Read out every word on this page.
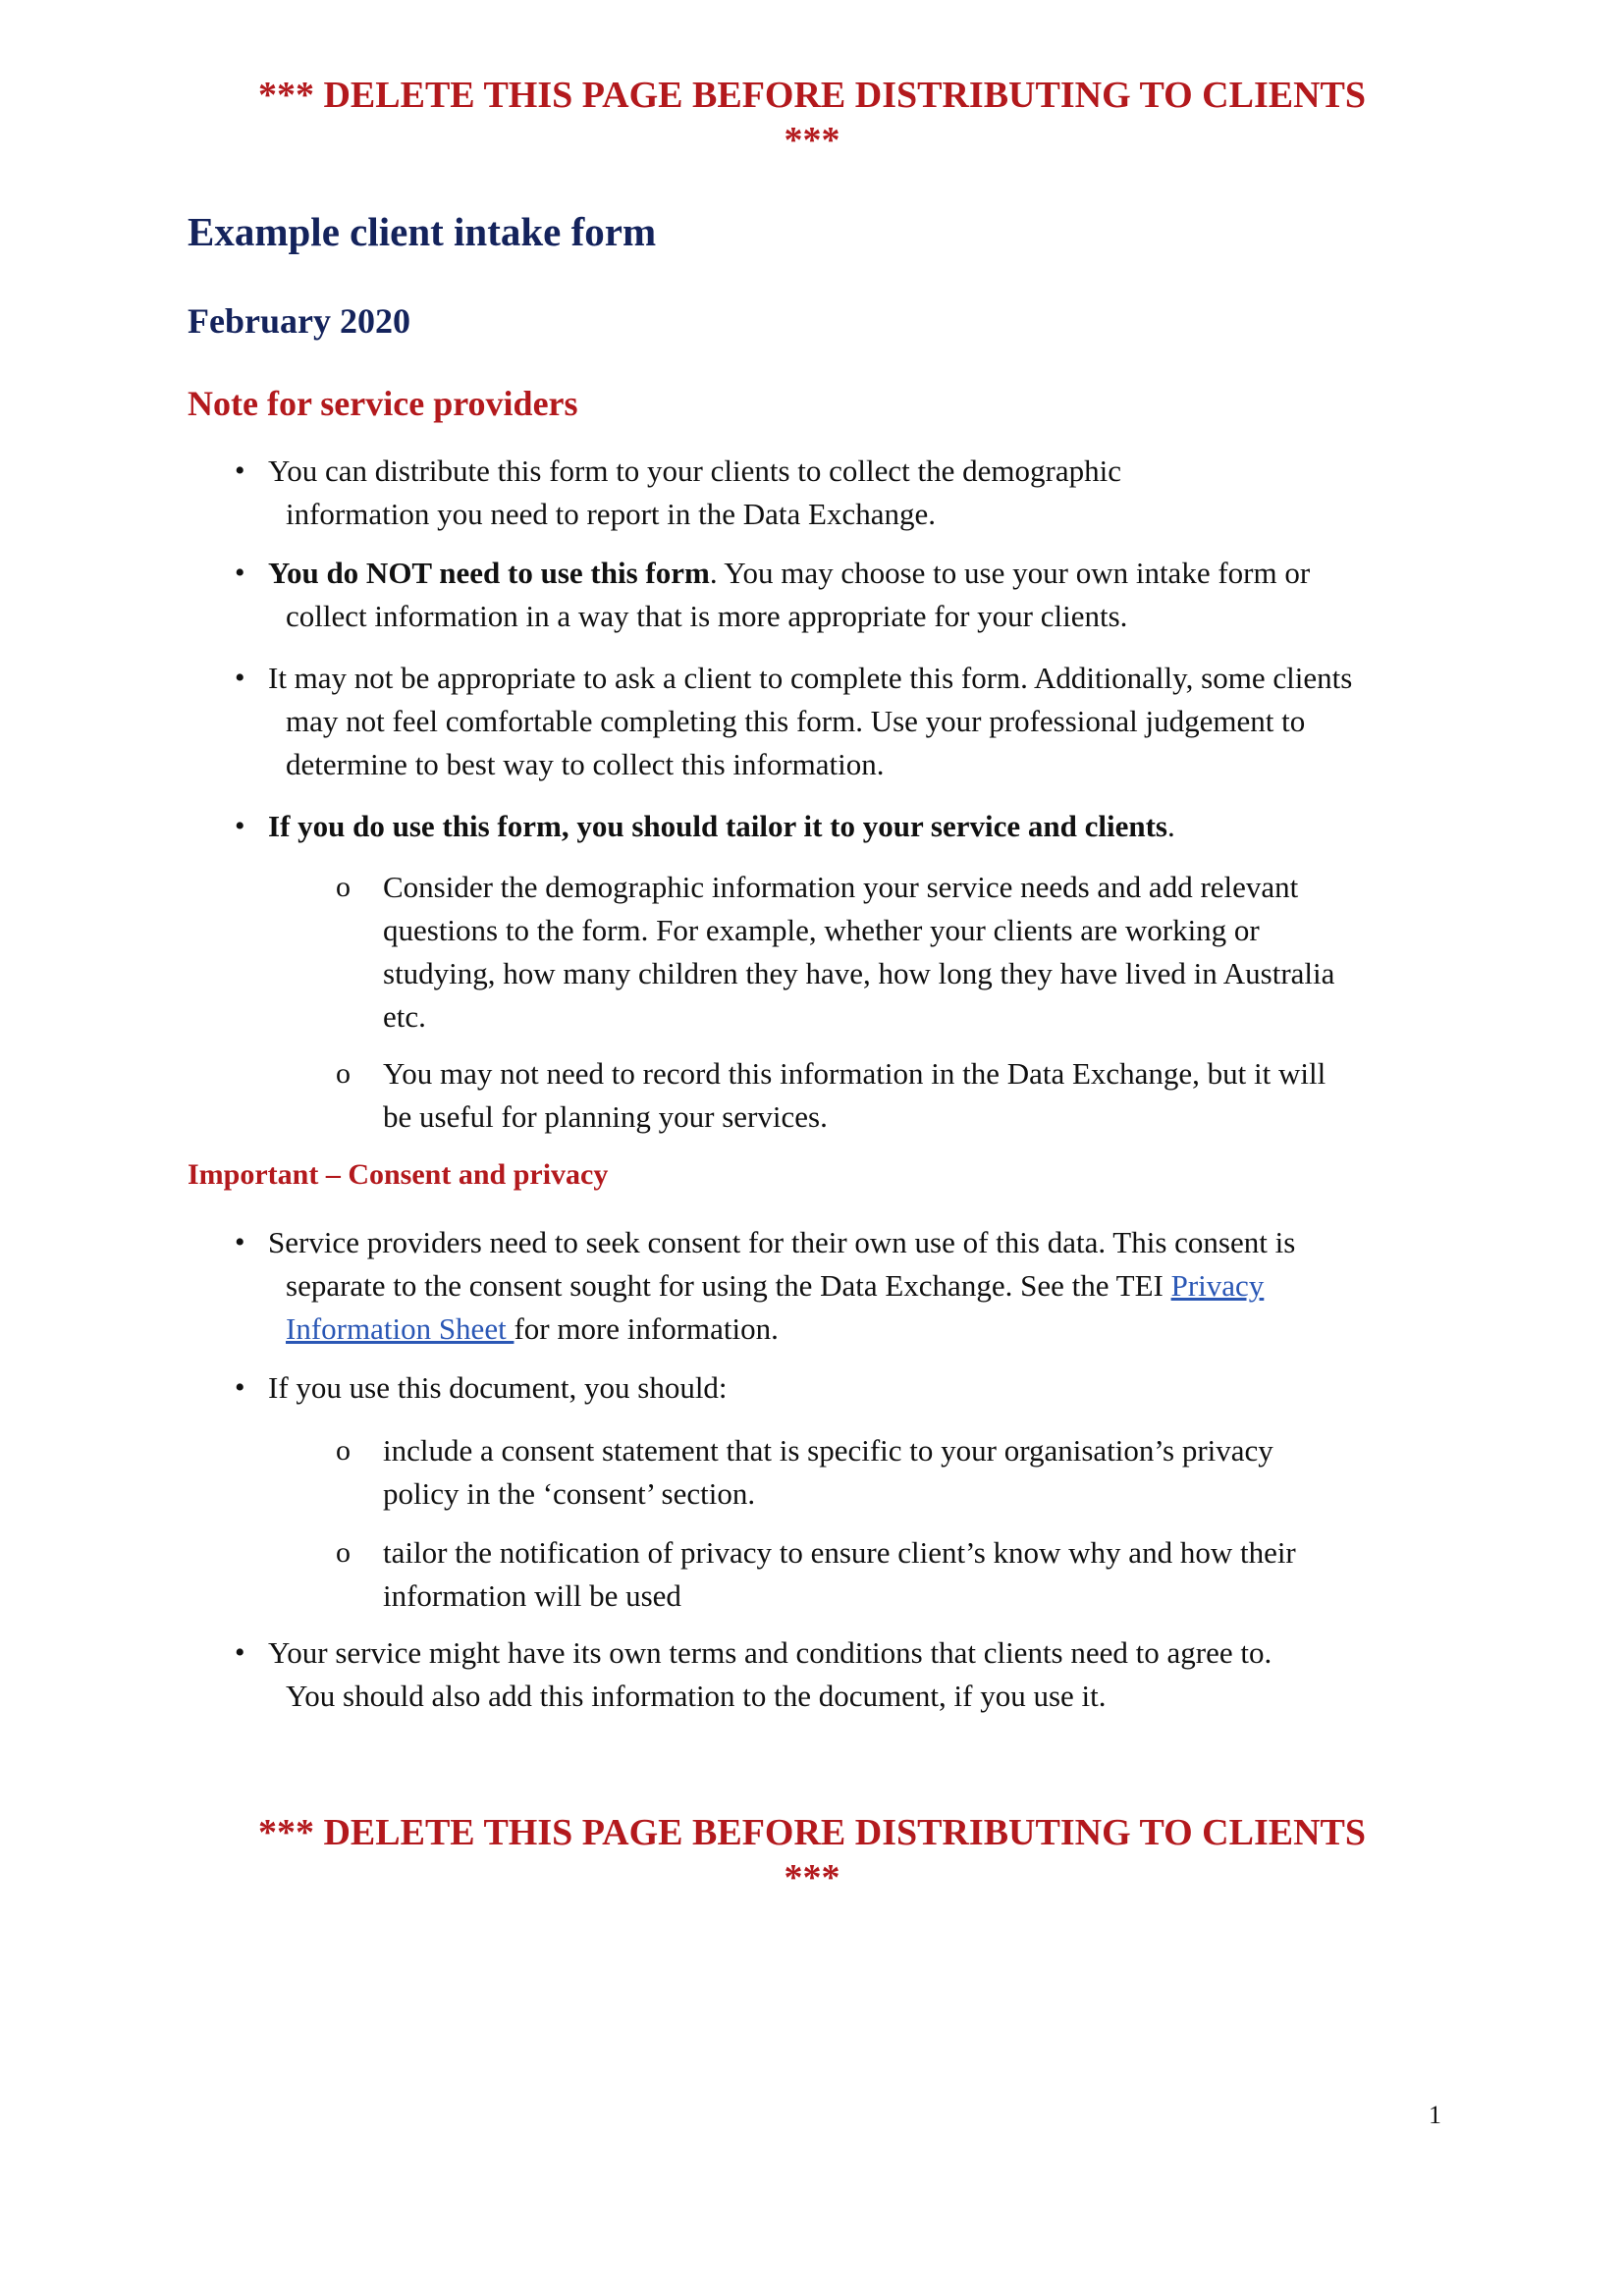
*** DELETE THIS PAGE BEFORE DISTRIBUTING TO CLIENTS
***
Example client intake form
February 2020
Note for service providers
• You can distribute this form to your clients to collect the demographic
information you need to report in the Data Exchange.
• You do NOT need to use this form. You may choose to use your own intake form or
collect information in a way that is more appropriate for your clients.
• It may not be appropriate to ask a client to complete this form. Additionally, some clients
may not feel comfortable completing this form. Use your professional judgement to
determine to best way to collect this information.
• If you do use this form, you should tailor it to your service and clients.
o Consider the demographic information your service needs and add relevant
questions to the form. For example, whether your clients are working or
studying, how many children they have, how long they have lived in Australia
etc.
o You may not need to record this information in the Data Exchange, but it will
be useful for planning your services.
Important – Consent and privacy
• Service providers need to seek consent for their own use of this data. This consent is
separate to the consent sought for using the Data Exchange. See the TEI Privacy
Information Sheet for more information.
• If you use this document, you should:
o include a consent statement that is specific to your organisation’s privacy
policy in the ‘consent’ section.
o tailor the notification of privacy to ensure client’s know why and how their
information will be used
• Your service might have its own terms and conditions that clients need to agree to.
You should also add this information to the document, if you use it.
*** DELETE THIS PAGE BEFORE DISTRIBUTING TO CLIENTS
***
1
